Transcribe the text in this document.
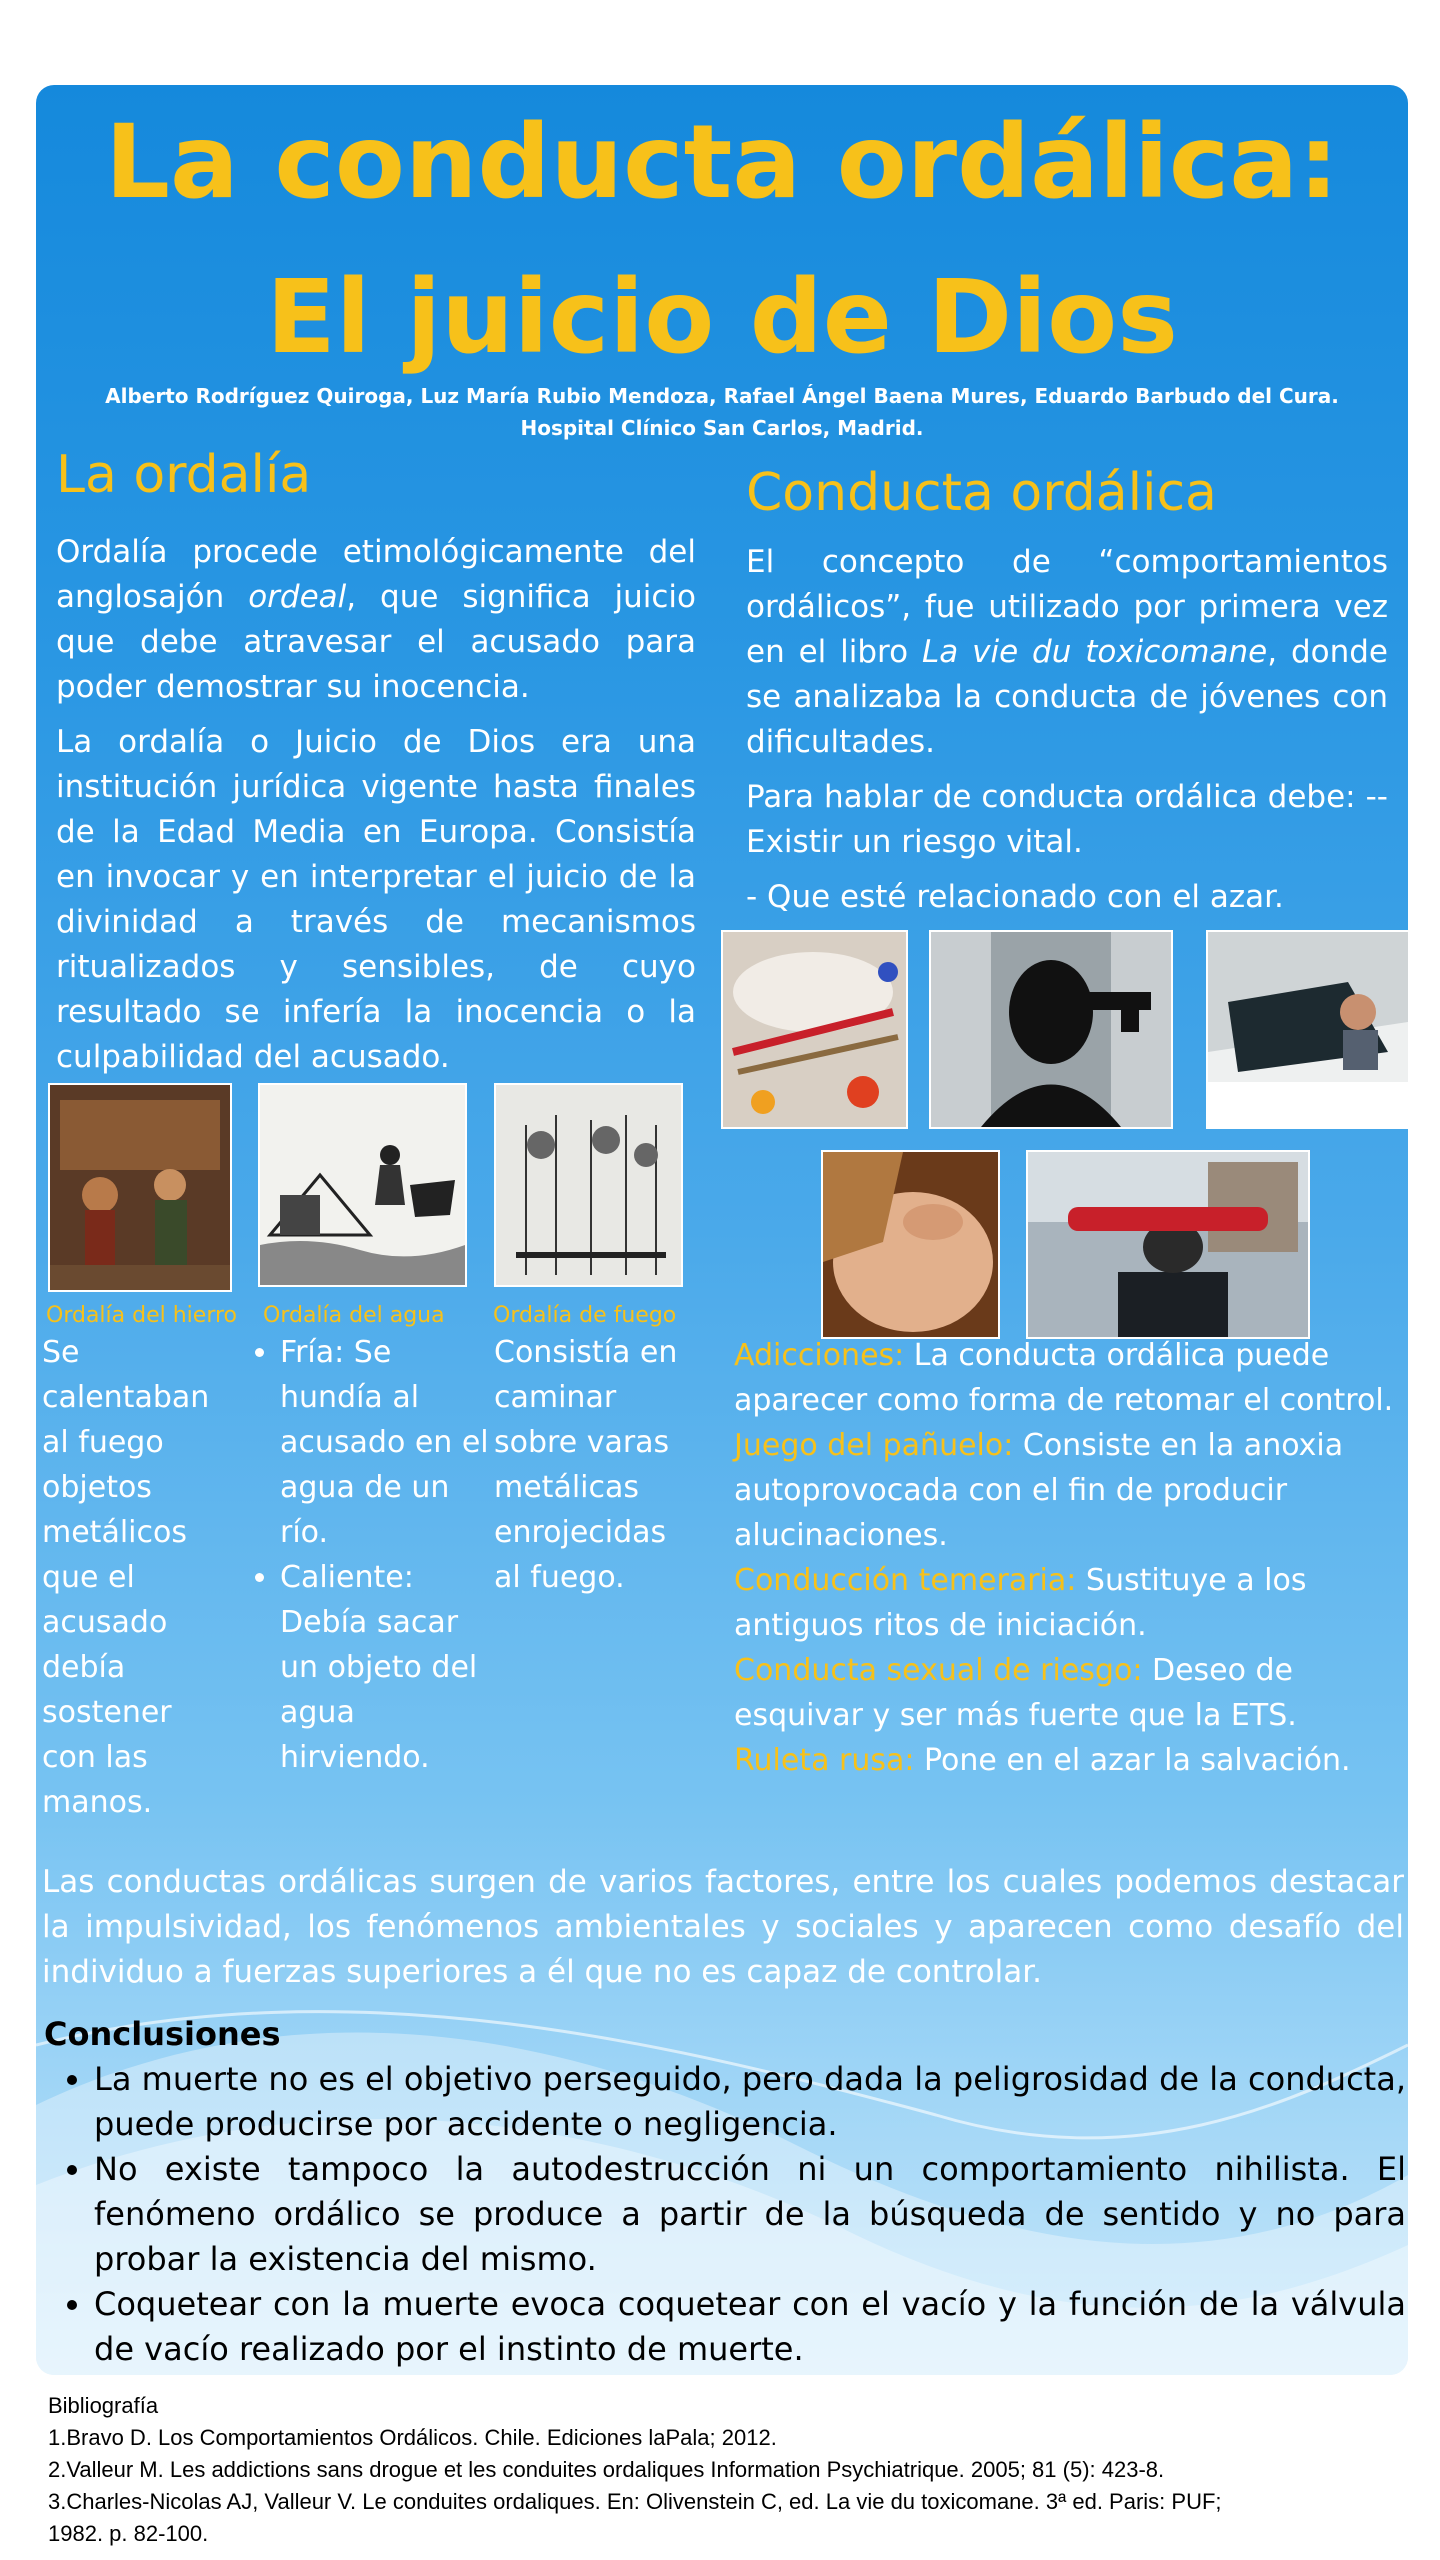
La conducta ordálica: El juicio de Dios
Alberto Rodríguez Quiroga, Luz María Rubio Mendoza, Rafael Ángel Baena Mures, Eduardo Barbudo del Cura.
Hospital Clínico San Carlos, Madrid.
La ordalía

Ordalía procede etimológicamente del anglosajón ordeal, que significa juicio que debe atravesar el acusado para poder demostrar su inocencia.

La ordalía o Juicio de Dios era una institución jurídica vigente hasta finales de la Edad Media en Europa. Consistía en invocar y en interpretar el juicio de la divinidad a través de mecanismos ritualizados y sensibles, de cuyo resultado se infería la inocencia o la culpabilidad del acusado.

Conducta ordálica

El concepto de “comportamientos ordálicos”, fue utilizado por primera vez en el libro La vie du toxicomane, donde se analizaba la conducta de jóvenes con dificultades.

Para hablar de conducta ordálica debe: -- Existir un riesgo vital.

- Que esté relacionado con el azar.

Ordalía del hierro Ordalía del agua Ordalía de fuego
Se calentaban al fuego objetos metálicos que el acusado debía sostener con las manos.
• Fría: Se hundía al acusado en el agua de un río.
• Caliente: Debía sacar un objeto del agua hirviendo.
Consistía en caminar sobre varas metálicas enrojecidas al fuego.
Adicciones: La conducta ordálica puede aparecer como forma de retomar el control.
Juego del pañuelo: Consiste en la anoxia autoprovocada con el fin de producir alucinaciones.
Conducción temeraria: Sustituye a los antiguos ritos de iniciación.
Conducta sexual de riesgo: Deseo de esquivar y ser más fuerte que la ETS.
Ruleta rusa: Pone en el azar la salvación.
Las conductas ordálicas surgen de varios factores, entre los cuales podemos destacar la impulsividad, los fenómenos ambientales y sociales y aparecen como desafío del individuo a fuerzas superiores a él que no es capaz de controlar.
Conclusiones
• La muerte no es el objetivo perseguido, pero dada la peligrosidad de la conducta, puede producirse por accidente o negligencia.
• No existe tampoco la autodestrucción ni un comportamiento nihilista. El fenómeno ordálico se produce a partir de la búsqueda de sentido y no para probar la existencia del mismo.
• Coquetear con la muerte evoca coquetear con el vacío y la función de la válvula de vacío realizado por el instinto de muerte.
Bibliografía
1.Bravo D. Los Comportamientos Ordálicos. Chile. Ediciones laPala; 2012.
2.Valleur M. Les addictions sans drogue et les conduites ordaliques Information Psychiatrique. 2005; 81 (5): 423-8.
3.Charles-Nicolas AJ, Valleur V. Le conduites ordaliques. En: Olivenstein C, ed. La vie du toxicomane. 3ª ed. Paris: PUF;
1982. p. 82-100.
